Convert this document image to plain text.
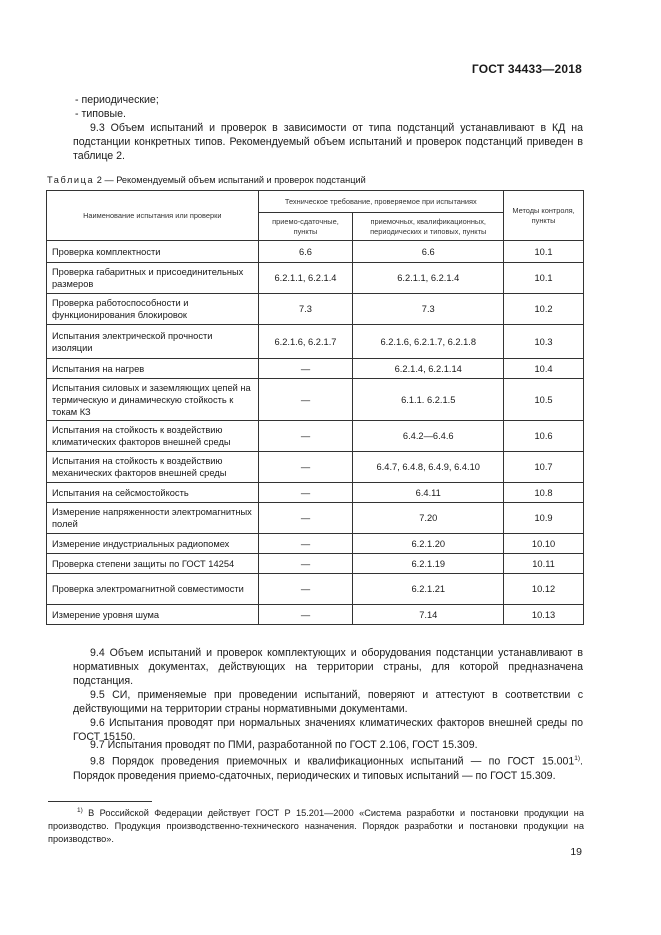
ГОСТ 34433—2018
- периодические;
- типовые.
9.3 Объем испытаний и проверок в зависимости от типа подстанций устанавливают в КД на подстанции конкретных типов. Рекомендуемый объем испытаний и проверок подстанций приведен в таблице 2.
Таблица 2 — Рекомендуемый объем испытаний и проверок подстанций
Наименование испытания или проверки	Техническое требование, проверяемое при испытаниях		Методы контроля, пункты
	приемо-сдаточные, пункты	приемочных, квалификационных, периодических и типовых, пункты	
Проверка комплектности	6.6	6.6	10.1
Проверка габаритных и присоединительных размеров	6.2.1.1, 6.2.1.4	6.2.1.1, 6.2.1.4	10.1
Проверка работоспособности и функционирования блокировок	7.3	7.3	10.2
Испытания электрической прочности изоляции	6.2.1.6, 6.2.1.7	6.2.1.6, 6.2.1.7, 6.2.1.8	10.3
Испытания на нагрев	—	6.2.1.4, 6.2.1.14	10.4
Испытания силовых и заземляющих цепей на термическую и динамическую стойкость к токам КЗ	—	6.1.1. 6.2.1.5	10.5
Испытания на стойкость к воздействию климатических факторов внешней среды	—	6.4.2—6.4.6	10.6
Испытания на стойкость к воздействию механических факторов внешней среды	—	6.4.7, 6.4.8, 6.4.9, 6.4.10	10.7
Испытания на сейсмостойкость	—	6.4.11	10.8
Измерение напряженности электромагнитных полей	—	7.20	10.9
Измерение индустриальных радиопомех	—	6.2.1.20	10.10
Проверка степени защиты по ГОСТ 14254	—	6.2.1.19	10.11
Проверка электромагнитной совместимости	—	6.2.1.21	10.12
Измерение уровня шума	—	7.14	10.13
9.4 Объем испытаний и проверок комплектующих и оборудования подстанции устанавливают в нормативных документах, действующих на территории страны, для которой предназначена подстанция.
9.5 СИ, применяемые при проведении испытаний, поверяют и аттестуют в соответствии с действующими на территории страны нормативными документами.
9.6 Испытания проводят при нормальных значениях климатических факторов внешней среды по ГОСТ 15150.
9.7 Испытания проводят по ПМИ, разработанной по ГОСТ 2.106, ГОСТ 15.309.
9.8 Порядок проведения приемочных и квалификационных испытаний — по ГОСТ 15.001$^{1)}$. Порядок проведения приемо-сдаточных, периодических и типовых испытаний — по ГОСТ 15.309.
$^{1)}$ В Российской Федерации действует ГОСТ Р 15.201—2000 «Система разработки и постановки продукции на производство. Продукция производственно-технического назначения. Порядок разработки и постановки продукции на производство».
19
